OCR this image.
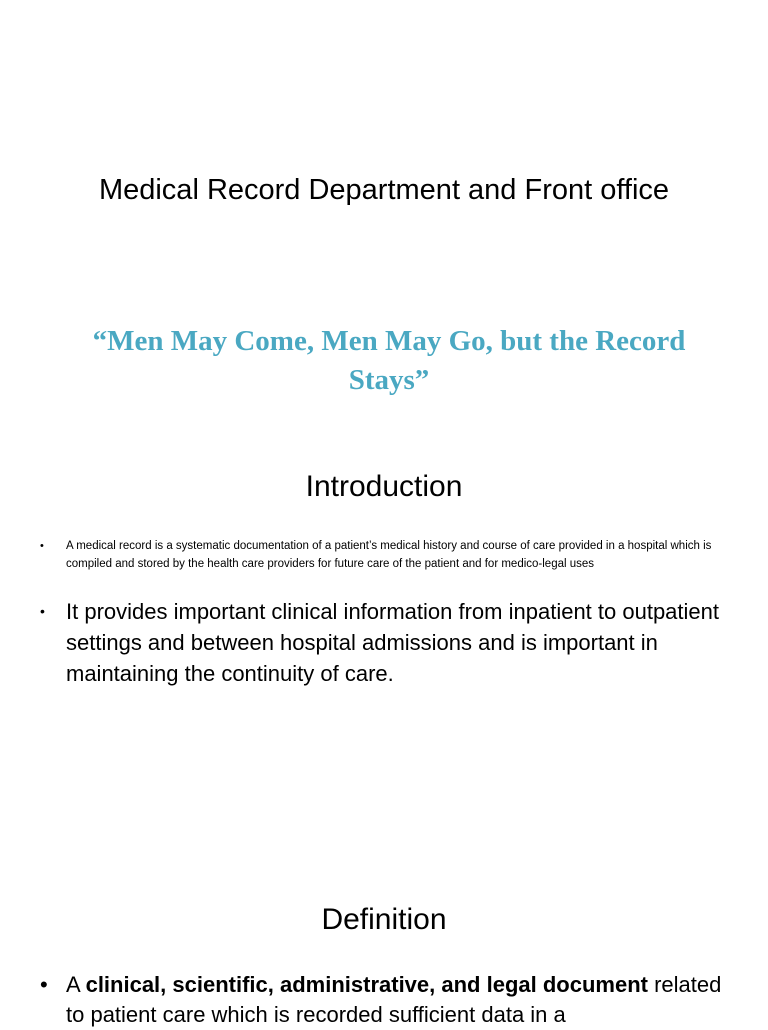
Medical Record Department and Front office
“Men May Come, Men May Go, but the Record Stays”
Introduction
• A medical record is a systematic documentation of a patient’s medical history and course of care provided in a hospital which is compiled and stored by the health care providers for future care of the patient and for medico-legal uses
• It provides important clinical information from inpatient to outpatient settings and between hospital admissions and is important in maintaining the continuity of care.
Definition
• A clinical, scientific, administrative, and legal document related to patient care which is recorded sufficient data in a
